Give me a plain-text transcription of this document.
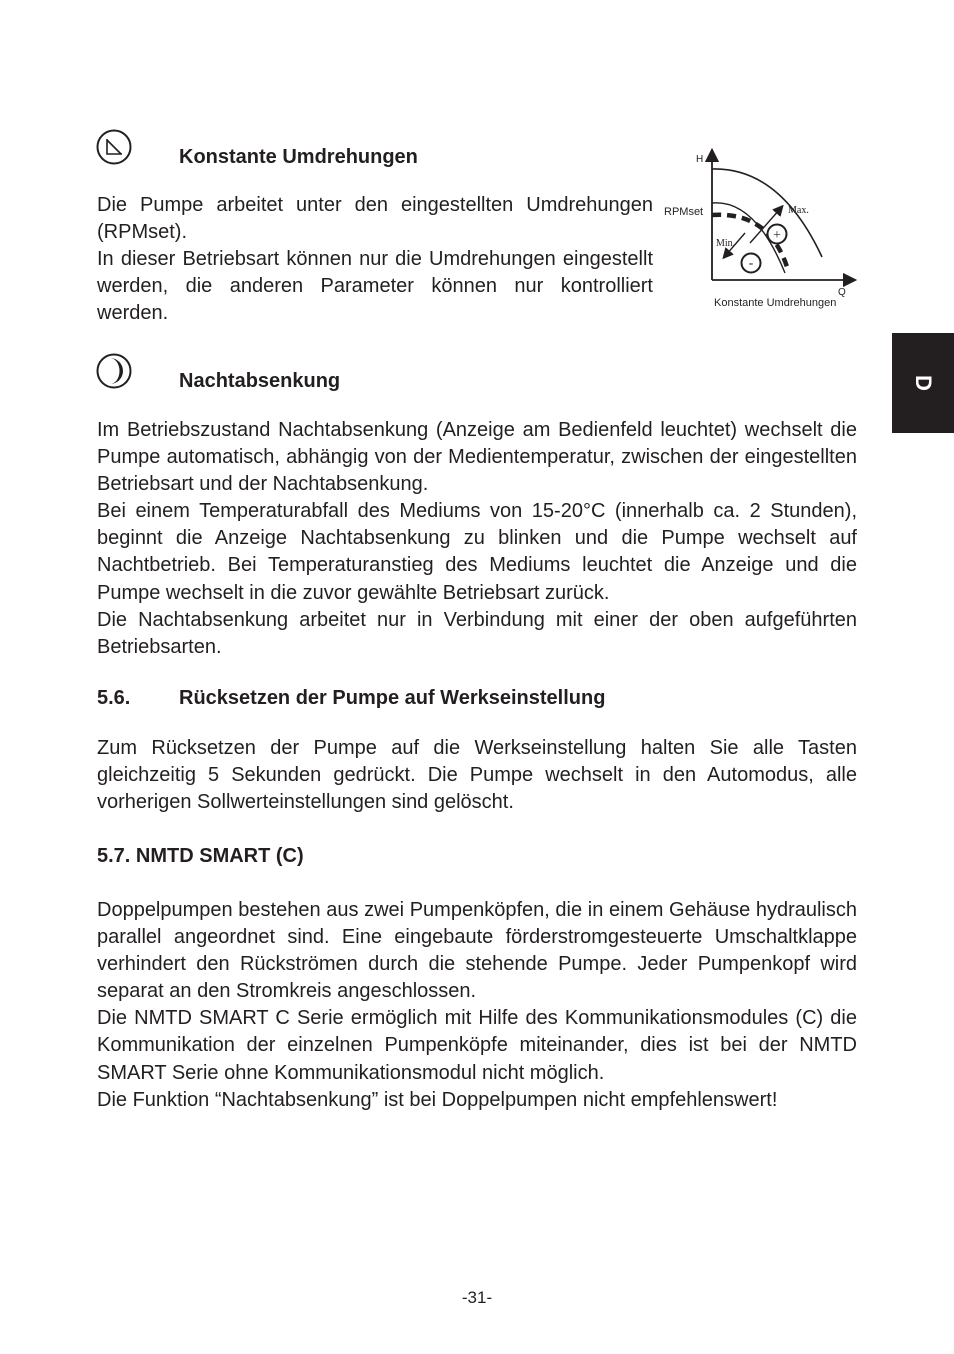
Konstante Umdrehungen

Die Pumpe arbeitet unter den eingestellten Umdrehungen (RPMset).

In dieser Betriebsart können nur die Umdrehungen eingestellt werden, die anderen Parameter können nur kontrolliert werden.

+
-
H
Q
RPMset	Max.
Min.
Konstante Umdrehungen
D
Nachtabsenkung

Im Betriebszustand Nachtabsenkung (Anzeige am Bedienfeld leuchtet) wechselt die Pumpe automatisch, abhängig von der Medientemperatur, zwischen der eingestellten Betriebsart und der Nachtabsenkung.

Bei einem Temperaturabfall des Mediums von 15-20°C (innerhalb ca. 2 Stunden), beginnt die Anzeige Nachtabsenkung zu blinken und die Pumpe wechselt auf Nachtbetrieb. Bei Temperaturanstieg des Mediums leuchtet die Anzeige und die Pumpe wechselt in die zuvor gewählte Betriebsart zurück.

Die Nachtabsenkung arbeitet nur in Verbindung mit einer der oben aufgeführten Betriebsarten.

5.6. Rücksetzen der Pumpe auf Werkseinstellung

Zum Rücksetzen der Pumpe auf die Werkseinstellung halten Sie alle Tasten gleichzeitig 5 Sekunden gedrückt. Die Pumpe wechselt in den Automodus, alle vorherigen Sollwerteinstellungen sind gelöscht.

5.7. NMTD SMART (C)

Doppelpumpen bestehen aus zwei Pumpenköpfen, die in einem Gehäuse hydraulisch parallel angeordnet sind. Eine eingebaute förderstromgesteuerte Umschaltklappe verhindert den Rückströmen durch die stehende Pumpe. Jeder Pumpenkopf wird separat an den Stromkreis angeschlossen.

Die NMTD SMART C Serie ermöglich mit Hilfe des Kommunikationsmodules (C) die Kommunikation der einzelnen Pumpenköpfe miteinander, dies ist bei der NMTD SMART Serie ohne Kommunikationsmodul nicht möglich.

Die Funktion “Nachtabsenkung” ist bei Doppelpumpen nicht empfehlenswert!

-31-
